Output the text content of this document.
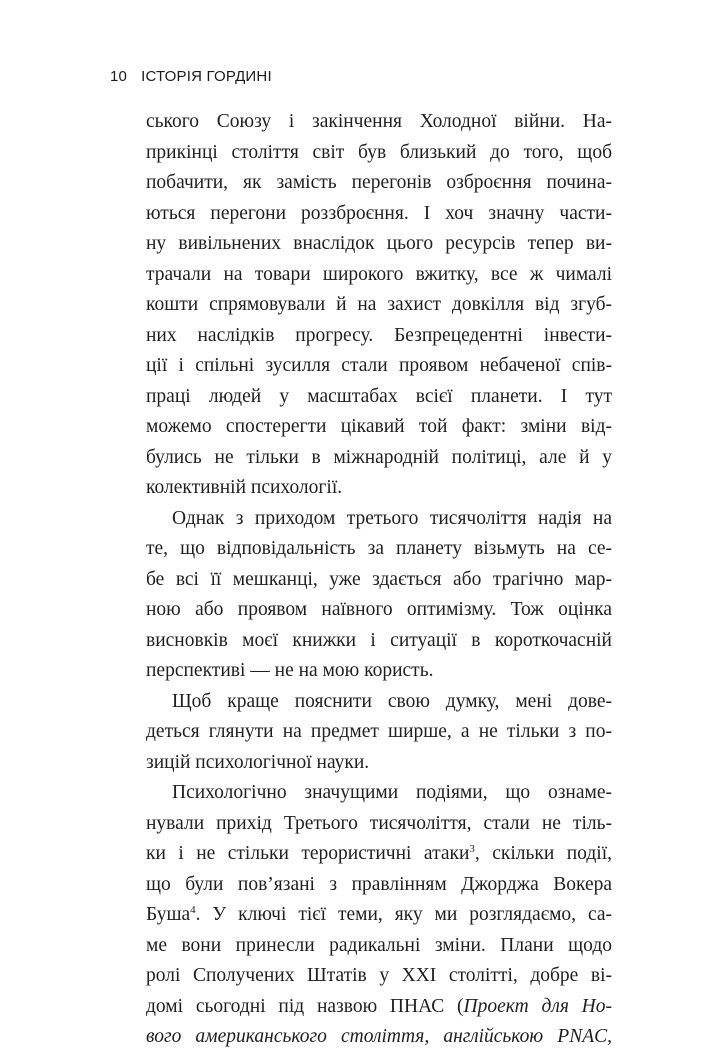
10 ІСТОРІЯ ГОРДИНІ
ського Союзу і закінчення Холодної війни. На-
прикінці століття світ був близький до того, щоб
побачити, як замість перегонів озброєння почина-
ються перегони роззброєння. І хоч значну части-
ну вивільнених внаслідок цього ресурсів тепер ви-
трачали на товари широкого вжитку, все ж чималі
кошти спрямовували й на захист довкілля від згуб-
них наслідків прогресу. Безпрецедентні інвести-
ції і спільні зусилля стали проявом небаченої спів-
праці людей у масштабах всієї планети. І тут
можемо спостерегти цікавий той факт: зміни від-
булись не тільки в міжнародній політиці, але й у
колективній психології.
Однак з приходом третього тисячоліття надія на
те, що відповідальність за планету візьмуть на се-
бе всі її мешканці, уже здається або трагічно мар-
ною або проявом наївного оптимізму. Тож оцінка
висновків моєї книжки і ситуації в короткочасній
перспективі — не на мою користь.
Щоб краще пояснити свою думку, мені дове-
деться глянути на предмет ширше, а не тільки з по-
зицій психологічної науки.
Психологічно значущими подіями, що ознаме-
нували прихід Третього тисячоліття, стали не тіль-
ки і не стільки терористичні атаки$^3$, скільки події,
що були пов’язані з правлінням Джорджа Вокера
Буша$^4$. У ключі тієї теми, яку ми розглядаємо, са-
ме вони принесли радикальні зміни. Плани щодо
ролі Сполучених Штатів у ХХІ столітті, добре ві-
домі сьогодні під назвою ПНАС (Проект для Но-
вого американського століття, англійською PNAC,
